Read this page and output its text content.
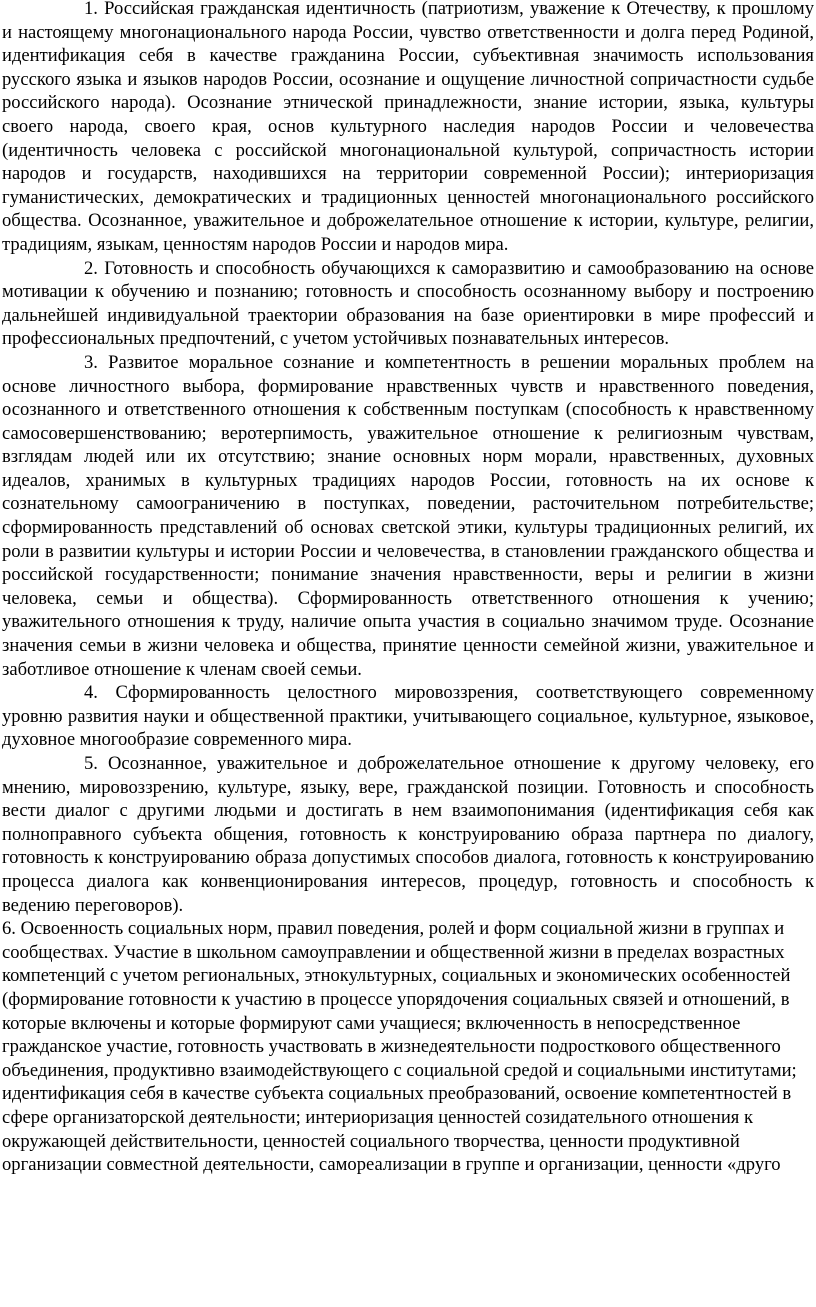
1. Российская гражданская идентичность (патриотизм, уважение к Отечеству, к прошлому и настоящему многонационального народа России, чувство ответственности и долга перед Родиной, идентификация себя в качестве гражданина России, субъективная значимость использования русского языка и языков народов России, осознание и ощущение личностной сопричастности судьбе российского народа). Осознание этнической принадлежности, знание истории, языка, культуры своего народа, своего края, основ культурного наследия народов России и человечества (идентичность человека с российской многонациональной культурой, сопричастность истории народов и государств, находившихся на территории современной России); интериоризация гуманистических, демократических и традиционных ценностей многонационального российского общества. Осознанное, уважительное и доброжелательное отношение к истории, культуре, религии, традициям, языкам, ценностям народов России и народов мира.

2. Готовность и способность обучающихся к саморазвитию и самообразованию на основе мотивации к обучению и познанию; готовность и способность осознанному выбору и построению дальнейшей индивидуальной траектории образования на базе ориентировки в мире профессий и профессиональных предпочтений, с учетом устойчивых познавательных интересов.

3. Развитое моральное сознание и компетентность в решении моральных проблем на основе личностного выбора, формирование нравственных чувств и нравственного поведения, осознанного и ответственного отношения к собственным поступкам (способность к нравственному самосовершенствованию; веротерпимость, уважительное отношение к религиозным чувствам, взглядам людей или их отсутствию; знание основных норм морали, нравственных, духовных идеалов, хранимых в культурных традициях народов России, готовность на их основе к сознательному самоограничению в поступках, поведении, расточительном потребительстве; сформированность представлений об основах светской этики, культуры традиционных религий, их роли в развитии культуры и истории России и человечества, в становлении гражданского общества и российской государственности; понимание значения нравственности, веры и религии в жизни человека, семьи и общества). Сформированность ответственного отношения к учению; уважительного отношения к труду, наличие опыта участия в социально значимом труде. Осознание значения семьи в жизни человека и общества, принятие ценности семейной жизни, уважительное и заботливое отношение к членам своей семьи.

4. Сформированность целостного мировоззрения, соответствующего современному уровню развития науки и общественной практики, учитывающего социальное, культурное, языковое, духовное многообразие современного мира.

5. Осознанное, уважительное и доброжелательное отношение к другому человеку, его мнению, мировоззрению, культуре, языку, вере, гражданской позиции. Готовность и способность вести диалог с другими людьми и достигать в нем взаимопонимания (идентификация себя как полноправного субъекта общения, готовность к конструированию образа партнера по диалогу, готовность к конструированию образа допустимых способов диалога, готовность к конструированию процесса диалога как конвенционирования интересов, процедур, готовность и способность к ведению переговоров).

6. Освоенность социальных норм, правил поведения, ролей и форм социальной жизни в группах и сообществах. Участие в школьном самоуправлении и общественной жизни в пределах возрастных компетенций с учетом региональных, этнокультурных, социальных и экономических особенностей (формирование готовности к участию в процессе упорядочения социальных связей и отношений, в которые включены и которые формируют сами учащиеся; включенность в непосредственное гражданское участие, готовность участвовать в жизнедеятельности подросткового общественного объединения, продуктивно взаимодействующего с социальной средой и социальными институтами; идентификация себя в качестве субъекта социальных преобразований, освоение компетентностей в сфере организаторской деятельности; интериоризация ценностей созидательного отношения к окружающей действительности, ценностей социального творчества, ценности продуктивной организации совместной деятельности, самореализации в группе и организации, ценности «друго
